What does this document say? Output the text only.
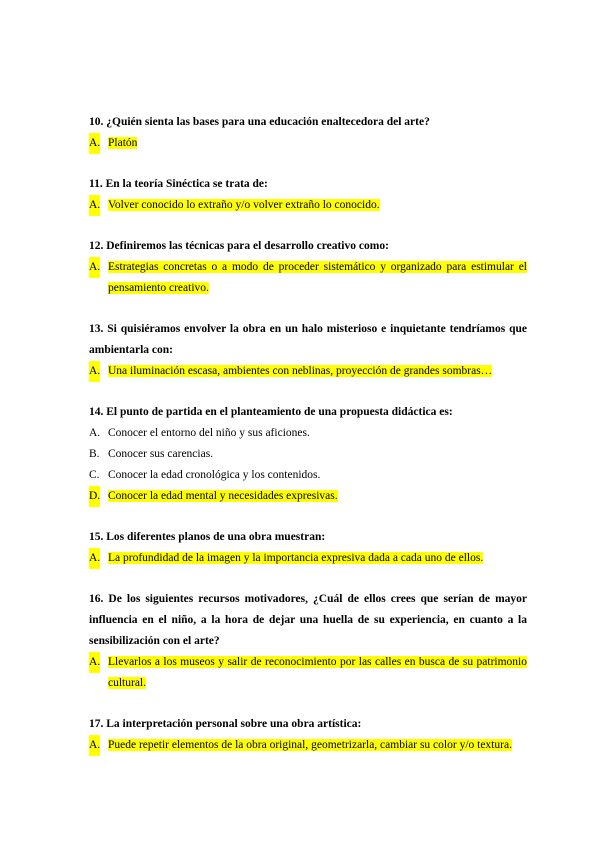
10. ¿Quién sienta las bases para una educación enaltecedora del arte?
A. Platón
11. En la teoría Sinéctica se trata de:
A. Volver conocido lo extraño y/o volver extraño lo conocido.
12. Definiremos las técnicas para el desarrollo creativo como:
A. Estrategias concretas o a modo de proceder sistemático y organizado para estimular el pensamiento creativo.
13. Si quisiéramos envolver la obra en un halo misterioso e inquietante tendríamos que ambientarla con:
A. Una iluminación escasa, ambientes con neblinas, proyección de grandes sombras…
14. El punto de partida en el planteamiento de una propuesta didáctica es:
A. Conocer el entorno del niño y sus aficiones.
B. Conocer sus carencias.
C. Conocer la edad cronológica y los contenidos.
D. Conocer la edad mental y necesidades expresivas.
15. Los diferentes planos de una obra muestran:
A. La profundidad de la imagen y la importancia expresiva dada a cada uno de ellos.
16. De los siguientes recursos motivadores, ¿Cuál de ellos crees que serían de mayor influencia en el niño, a la hora de dejar una huella de su experiencia, en cuanto a la sensibilización con el arte?
A. Llevarlos a los museos y salir de reconocimiento por las calles en busca de su patrimonio cultural.
17. La interpretación personal sobre una obra artística:
A. Puede repetir elementos de la obra original, geometrizarla, cambiar su color y/o textura.
